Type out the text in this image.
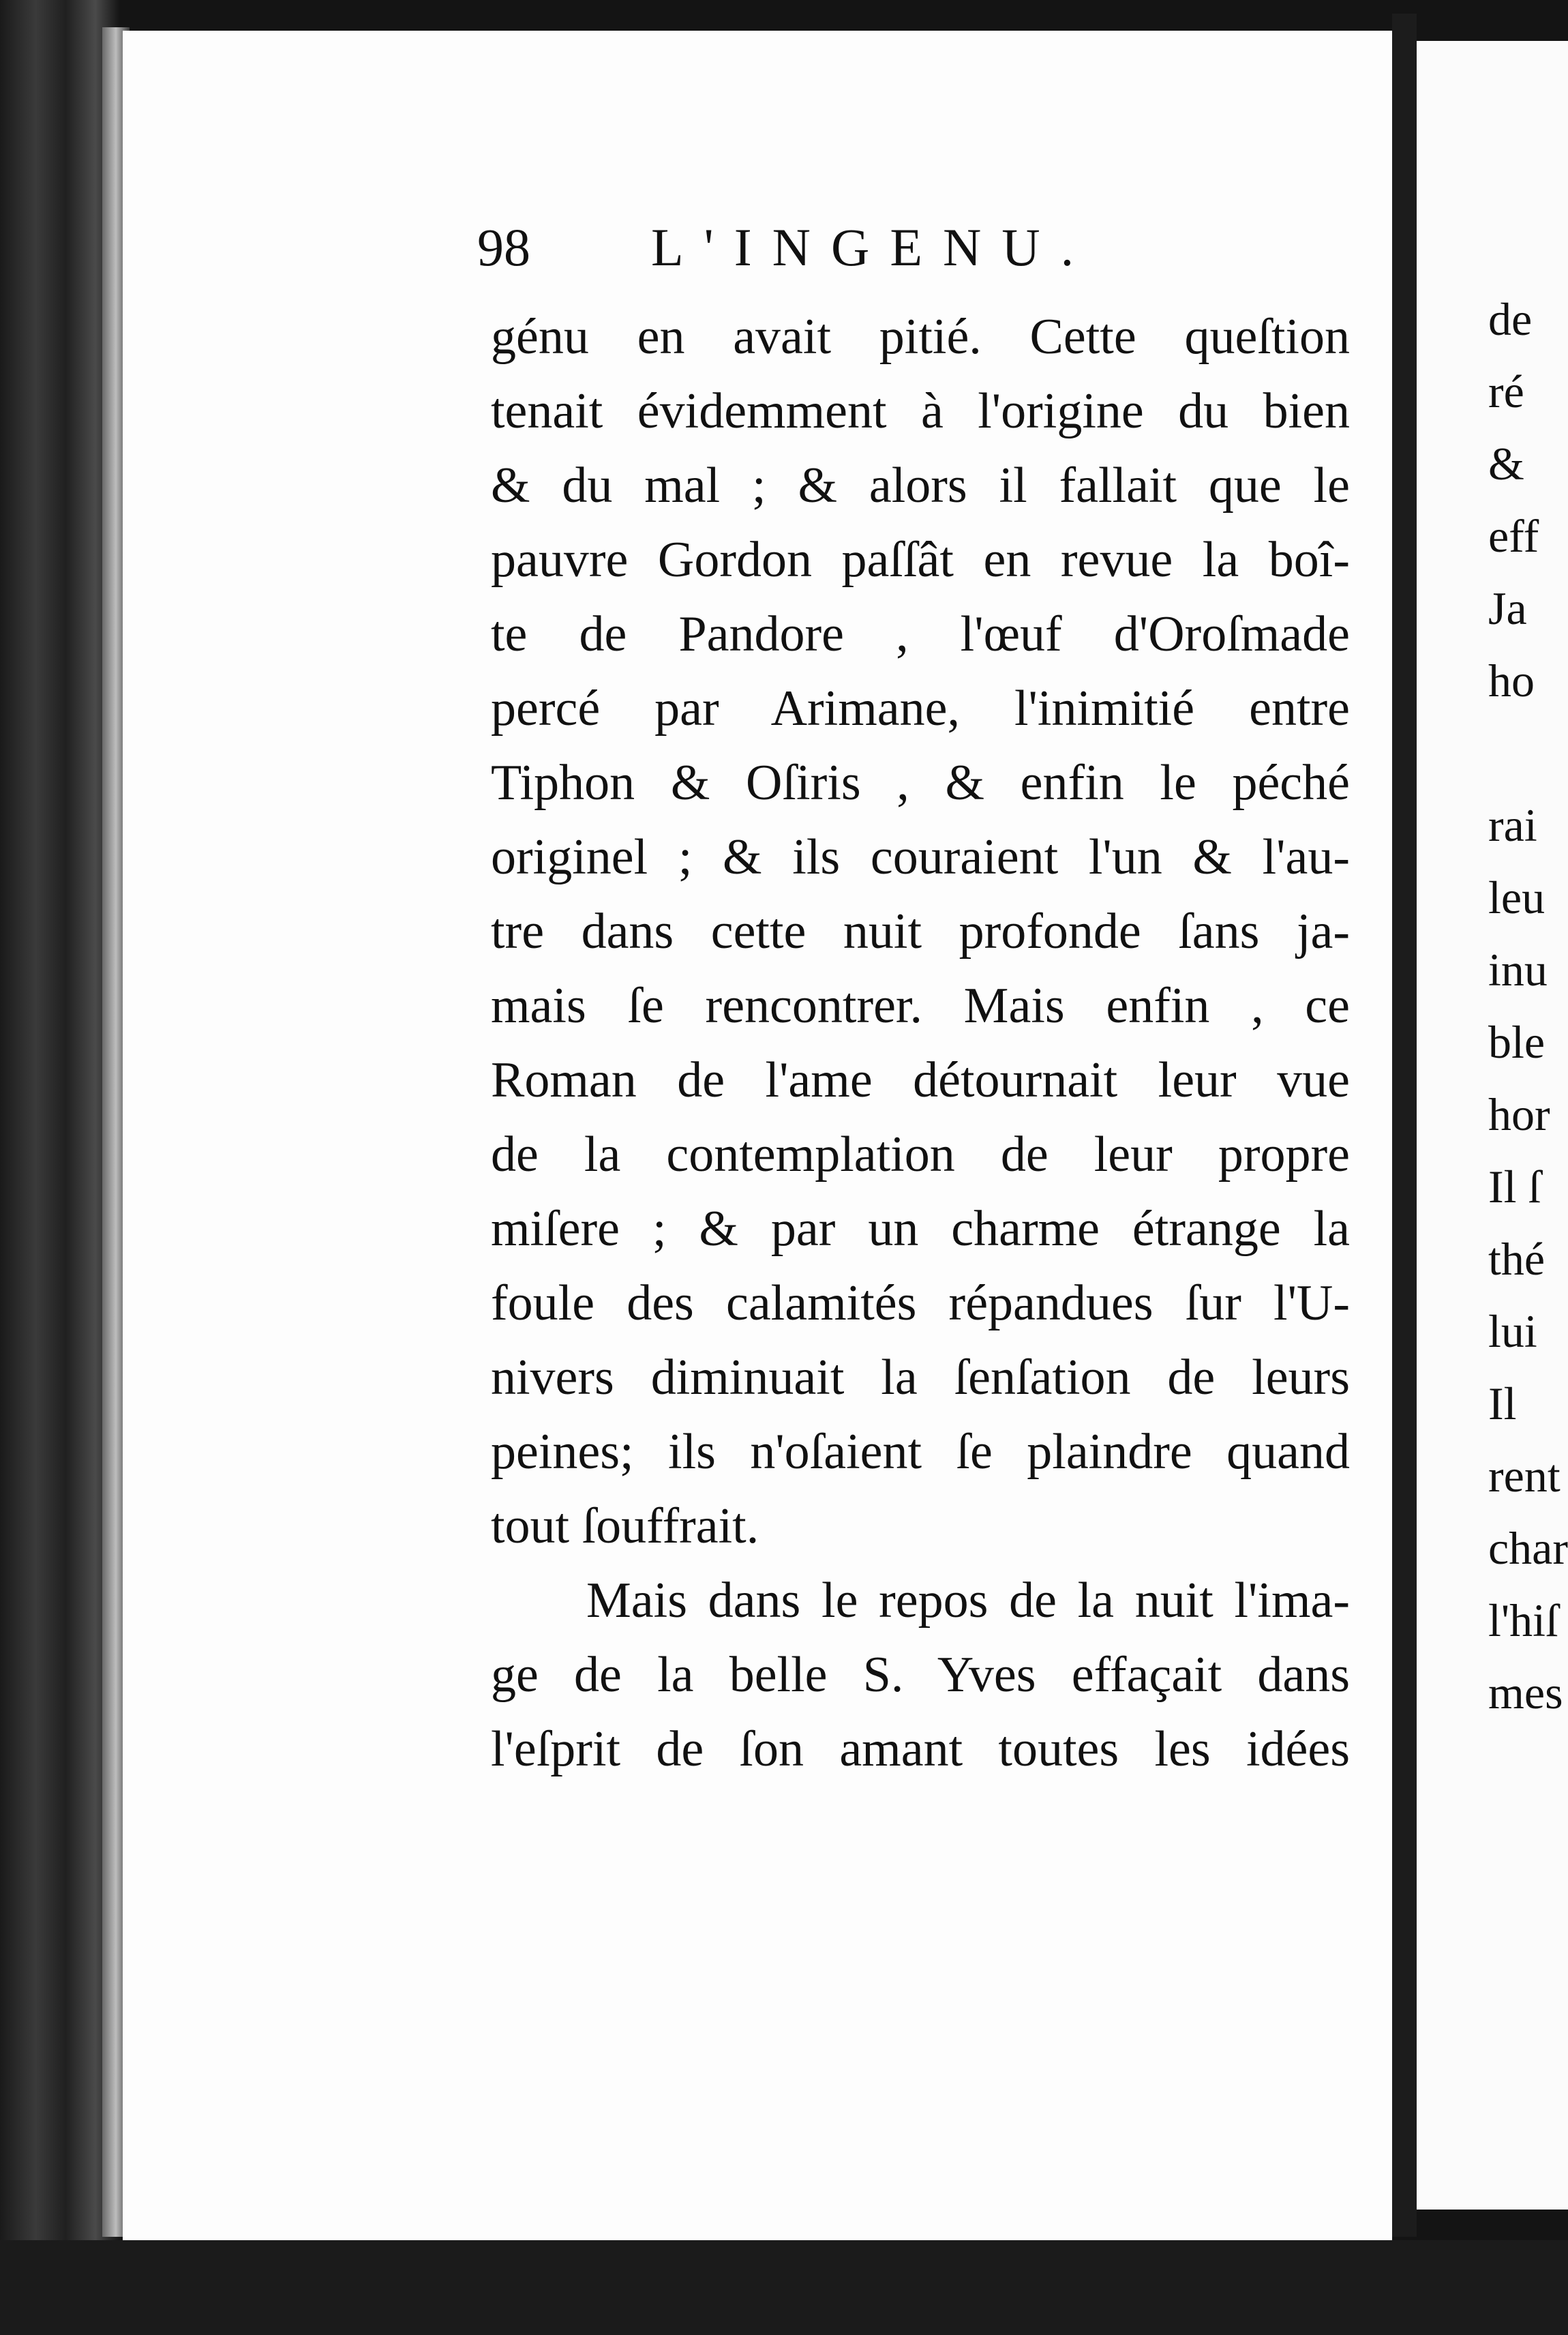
98 L'INGENU.
génu en avait pitié. Cette queſtion
tenait évidemment à l'origine du bien
& du mal ; & alors il fallait que le
pauvre Gordon paſſât en revue la boî-
te de Pandore , l'œuf d'Oroſmade
percé par Arimane, l'inimitié entre
Tiphon & Oſiris , & enfin le péché
originel ; & ils couraient l'un & l'au-
tre dans cette nuit profonde ſans ja-
mais ſe rencontrer. Mais enfin , ce
Roman de l'ame détournait leur vue
de la contemplation de leur propre
miſere ; & par un charme étrange la
foule des calamités répandues ſur l'U-
nivers diminuait la ſenſation de leurs
peines; ils n'oſaient ſe plaindre quand
tout ſouffrait.
Mais dans le repos de la nuit l'ima-
ge de la belle S. Yves effaçait dans
l'eſprit de ſon amant toutes les idées
de
ré
&
eff
Ja
ho
rai
leu
inu
ble
hor
Il ſ
thé
lui
Il
rent
char
l'hiſ
mes
